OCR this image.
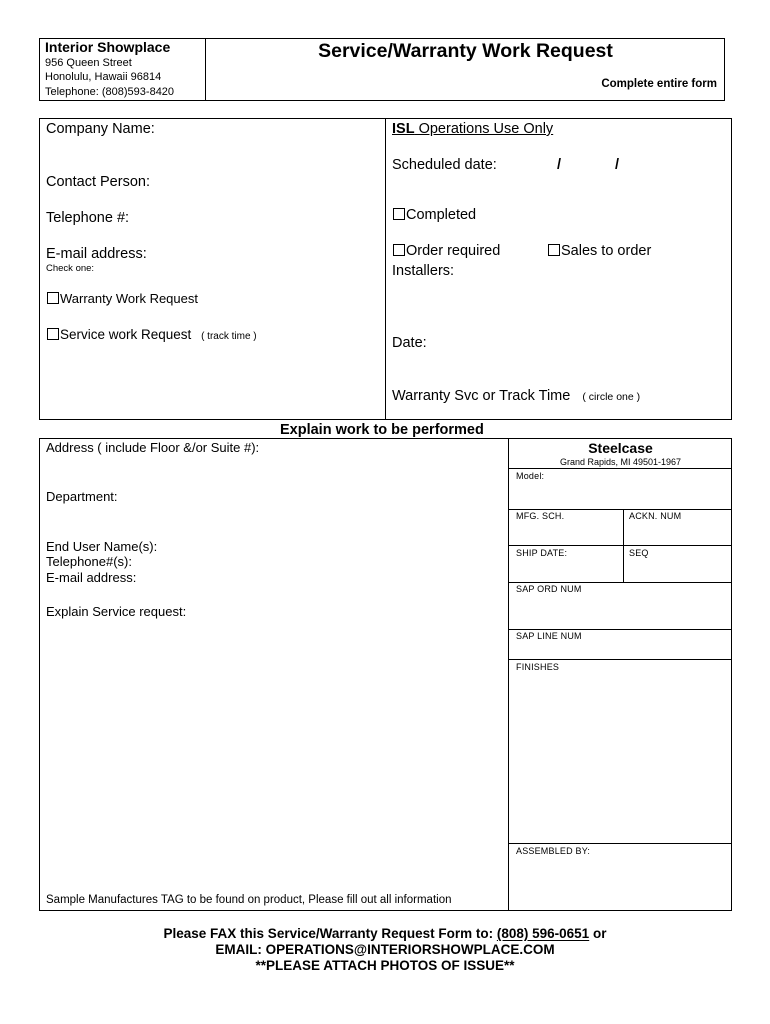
Interior Showplace
956 Queen Street
Honolulu, Hawaii 96814
Telephone: (808)593-8420
Service/Warranty Work Request
Complete entire form
Company Name:
Contact Person:
Telephone #:
E-mail address:
Check one:
Warranty Work Request
Service work Request ( track time )
ISL Operations Use Only
Scheduled date:	/	/
Completed
Order required	Sales to order
Installers:
Date:
Warranty Svc or Track Time ( circle one )
Explain work to be performed
Address ( include Floor &/or Suite #):
Department:
End User Name(s):
Telephone#(s):
E-mail address:
Explain Service request:
Sample Manufactures TAG to be found on product, Please fill out all information
Steelcase
Grand Rapids, MI 49501-1967
Model:
MFG. SCH.	ACKN. NUM
SHIP DATE:	SEQ
SAP ORD NUM
SAP LINE NUM
FINISHES
ASSEMBLED BY:
Please FAX this Service/Warranty Request Form to: (808) 596-0651 or
EMAIL: OPERATIONS@INTERIORSHOWPLACE.COM
**PLEASE ATTACH PHOTOS OF ISSUE**
